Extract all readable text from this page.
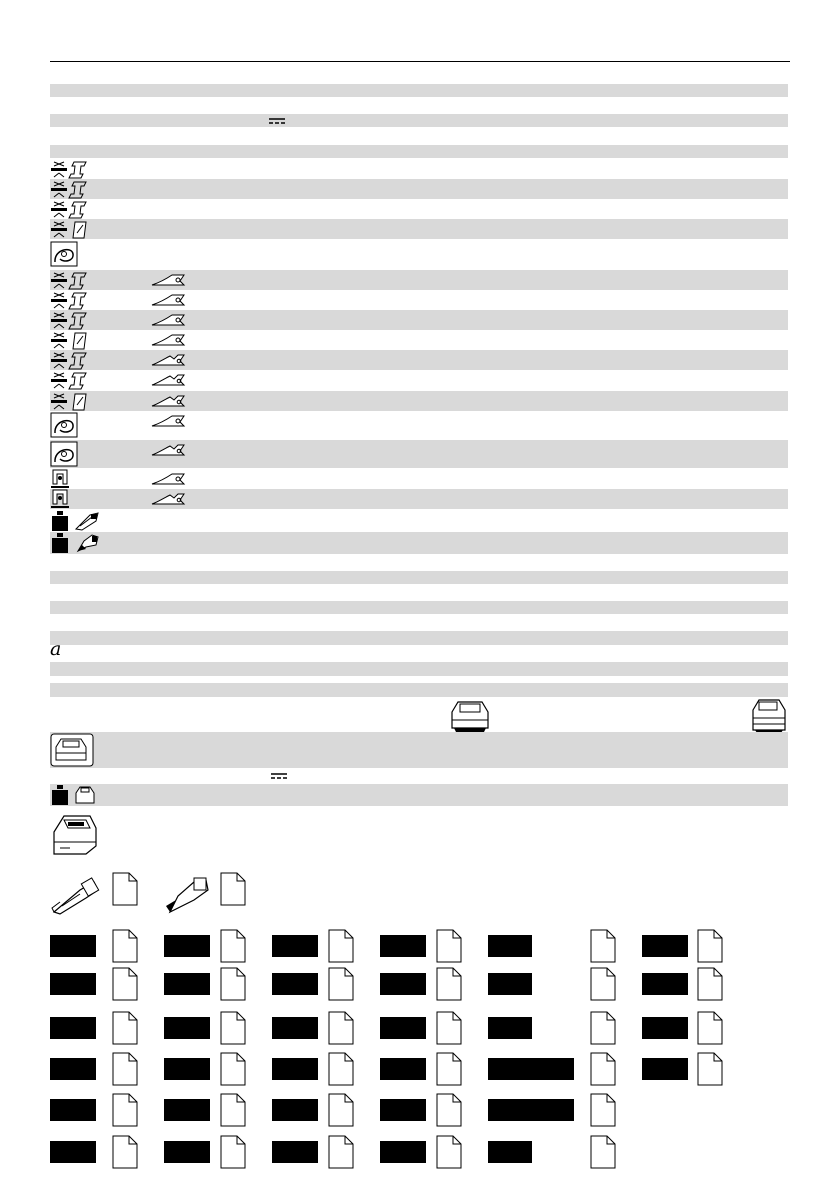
a
